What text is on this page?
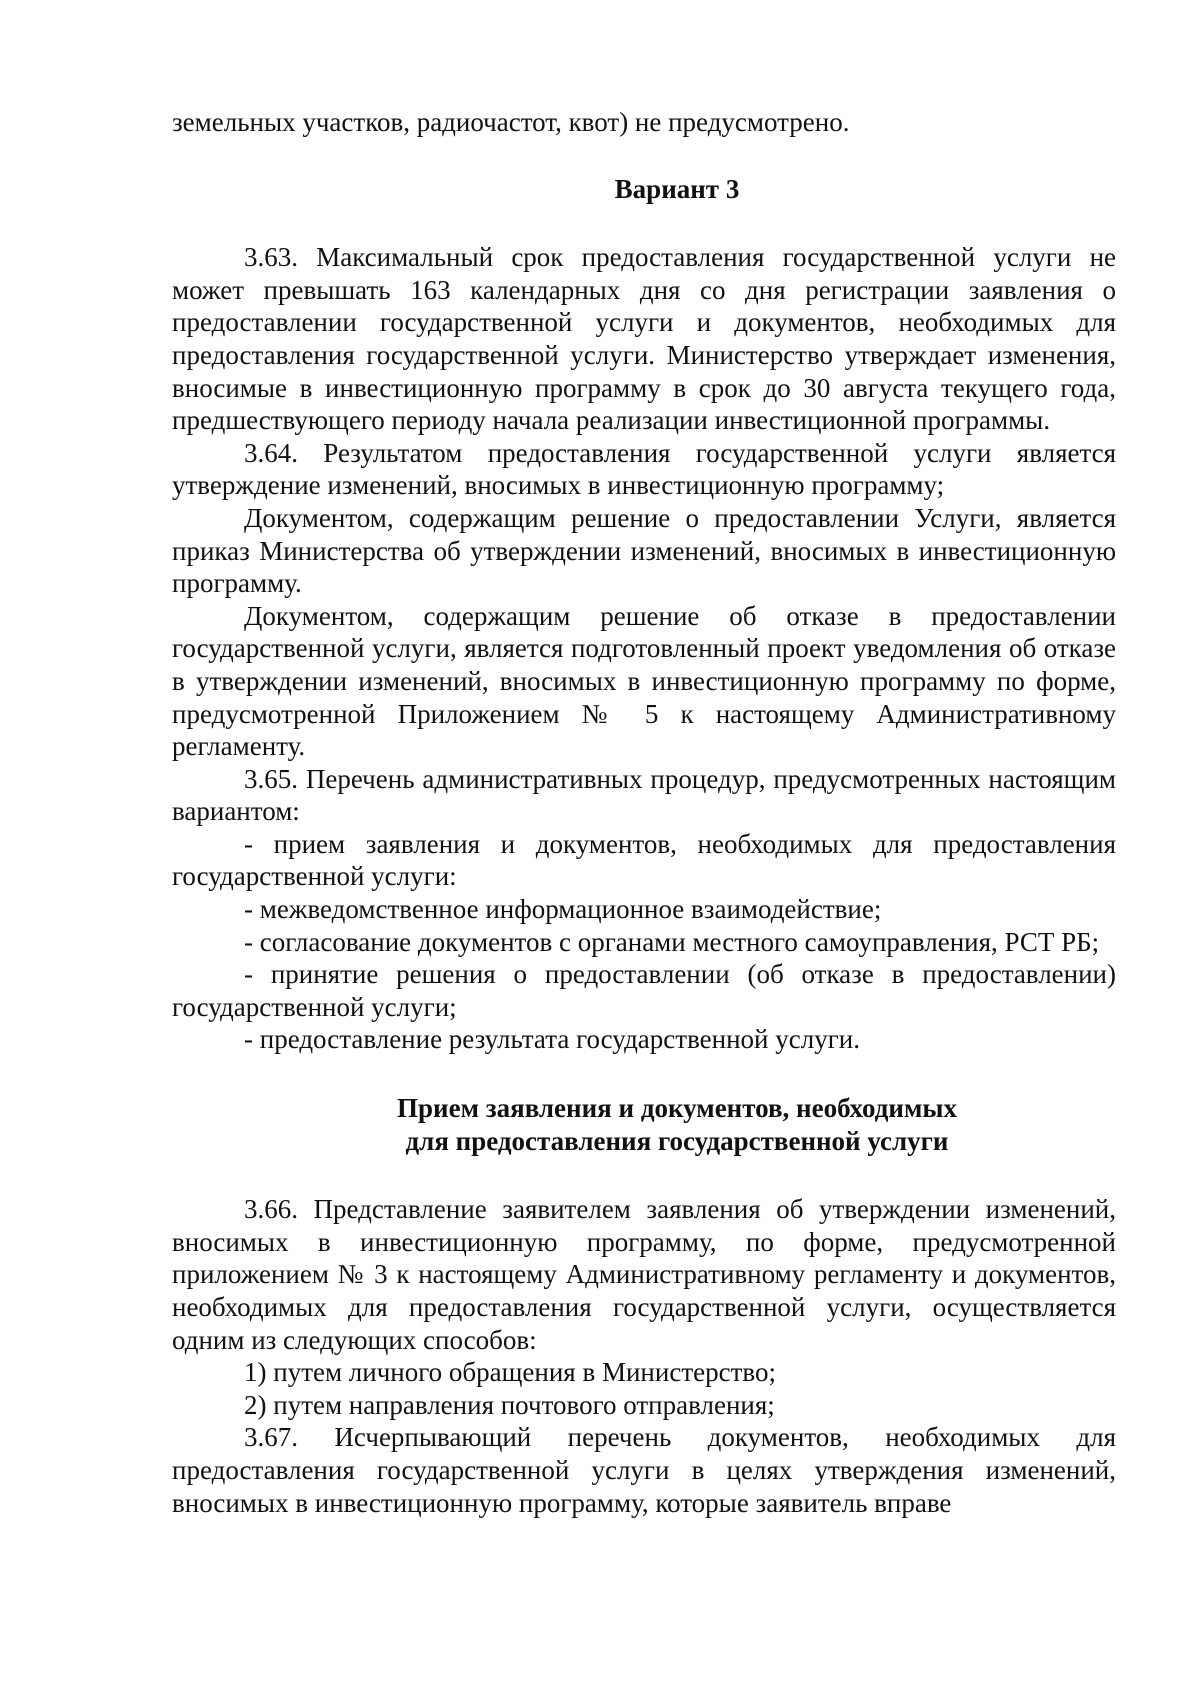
земельных участков, радиочастот, квот) не предусмотрено.

Вариант 3

3.63. Максимальный срок предоставления государственной услуги не может превышать 163 календарных дня со дня регистрации заявления о предоставлении государственной услуги и документов, необходимых для предоставления государственной услуги. Министерство утверждает изменения, вносимые в инвестиционную программу в срок до 30 августа текущего года, предшествующего периоду начала реализации инвестиционной программы.

3.64. Результатом предоставления государственной услуги является утверждение изменений, вносимых в инвестиционную программу;

Документом, содержащим решение о предоставлении Услуги, является приказ Министерства об утверждении изменений, вносимых в инвестиционную программу.

Документом, содержащим решение об отказе в предоставлении государственной услуги, является подготовленный проект уведомления об отказе в утверждении изменений, вносимых в инвестиционную программу по форме, предусмотренной Приложением № 5 к настоящему Административному регламенту.

3.65. Перечень административных процедур, предусмотренных настоящим вариантом:

- прием заявления и документов, необходимых для предоставления государственной услуги:

- межведомственное информационное взаимодействие;

- согласование документов с органами местного самоуправления, РСТ РБ;

- принятие решения о предоставлении (об отказе в предоставлении) государственной услуги;

- предоставление результата государственной услуги.

Прием заявления и документов, необходимых
для предоставления государственной услуги

3.66. Представление заявителем заявления об утверждении изменений, вносимых в инвестиционную программу, по форме, предусмотренной приложением № 3 к настоящему Административному регламенту и документов, необходимых для предоставления государственной услуги, осуществляется одним из следующих способов:

1) путем личного обращения в Министерство;

2) путем направления почтового отправления;

3.67. Исчерпывающий перечень документов, необходимых для предоставления государственной услуги в целях утверждения изменений, вносимых в инвестиционную программу, которые заявитель вправе
